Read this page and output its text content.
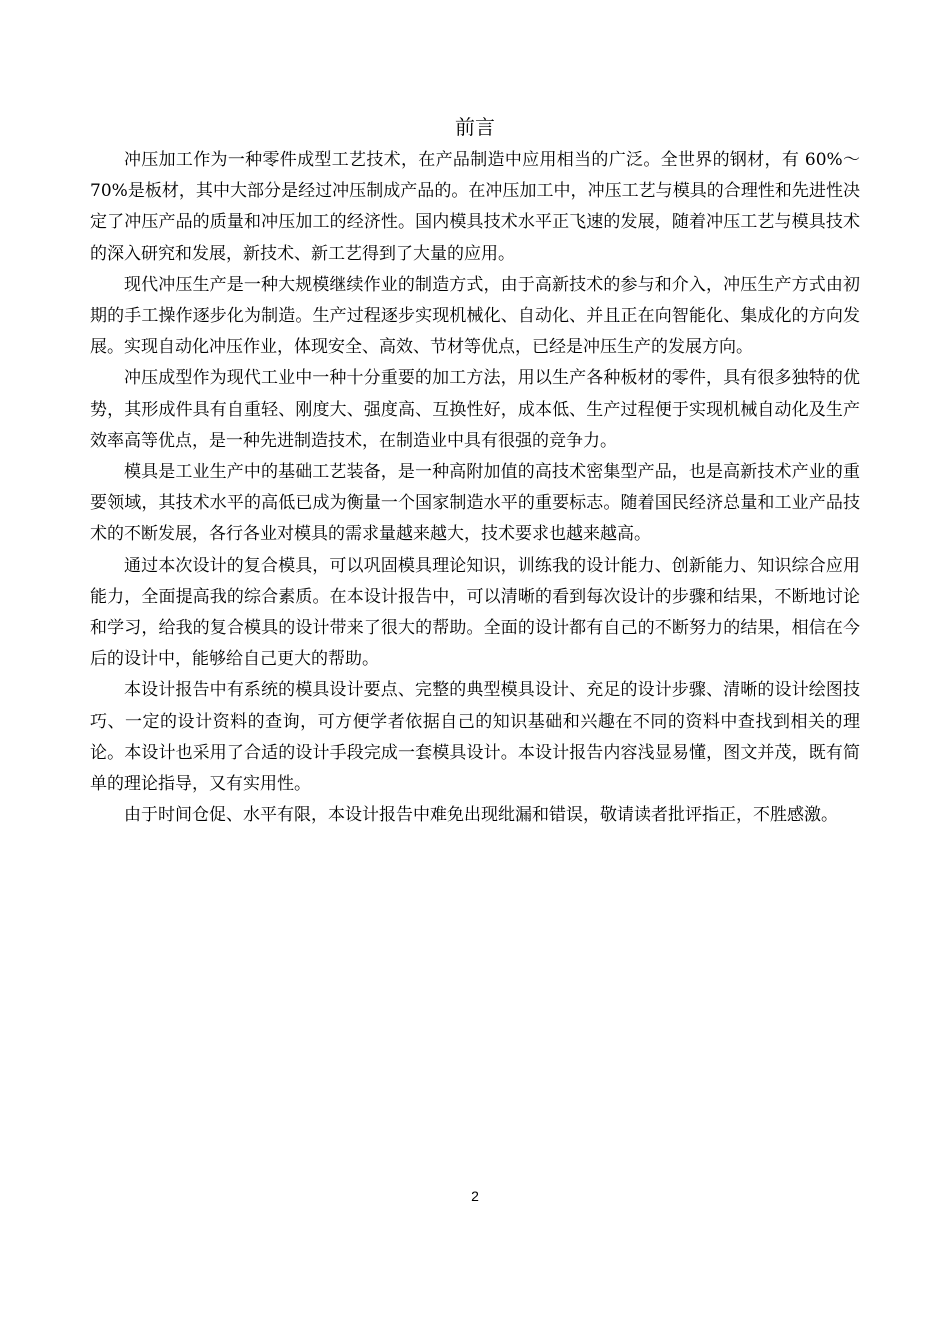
前言

冲压加工作为一种零件成型工艺技术，在产品制造中应用相当的广泛。全世界的钢材，有 60%～70%是板材，其中大部分是经过冲压制成产品的。在冲压加工中，冲压工艺与模具的合理性和先进性决定了冲压产品的质量和冲压加工的经济性。国内模具技术水平正飞速的发展，随着冲压工艺与模具技术的深入研究和发展，新技术、新工艺得到了大量的应用。

现代冲压生产是一种大规模继续作业的制造方式，由于高新技术的参与和介入，冲压生产方式由初期的手工操作逐步化为制造。生产过程逐步实现机械化、自动化、并且正在向智能化、集成化的方向发展。实现自动化冲压作业，体现安全、高效、节材等优点，已经是冲压生产的发展方向。

冲压成型作为现代工业中一种十分重要的加工方法，用以生产各种板材的零件，具有很多独特的优势，其形成件具有自重轻、刚度大、强度高、互换性好，成本低、生产过程便于实现机械自动化及生产效率高等优点，是一种先进制造技术，在制造业中具有很强的竞争力。

模具是工业生产中的基础工艺装备，是一种高附加值的高技术密集型产品，也是高新技术产业的重要领域，其技术水平的高低已成为衡量一个国家制造水平的重要标志。随着国民经济总量和工业产品技术的不断发展，各行各业对模具的需求量越来越大，技术要求也越来越高。

通过本次设计的复合模具，可以巩固模具理论知识，训练我的设计能力、创新能力、知识综合应用能力，全面提高我的综合素质。在本设计报告中，可以清晰的看到每次设计的步骤和结果，不断地讨论和学习，给我的复合模具的设计带来了很大的帮助。全面的设计都有自己的不断努力的结果，相信在今后的设计中，能够给自己更大的帮助。

本设计报告中有系统的模具设计要点、完整的典型模具设计、充足的设计步骤、清晰的设计绘图技巧、一定的设计资料的查询，可方便学者依据自己的知识基础和兴趣在不同的资料中查找到相关的理论。本设计也采用了合适的设计手段完成一套模具设计。本设计报告内容浅显易懂，图文并茂，既有简单的理论指导，又有实用性。

由于时间仓促、水平有限，本设计报告中难免出现纰漏和错误，敬请读者批评指正，不胜感激。

2
